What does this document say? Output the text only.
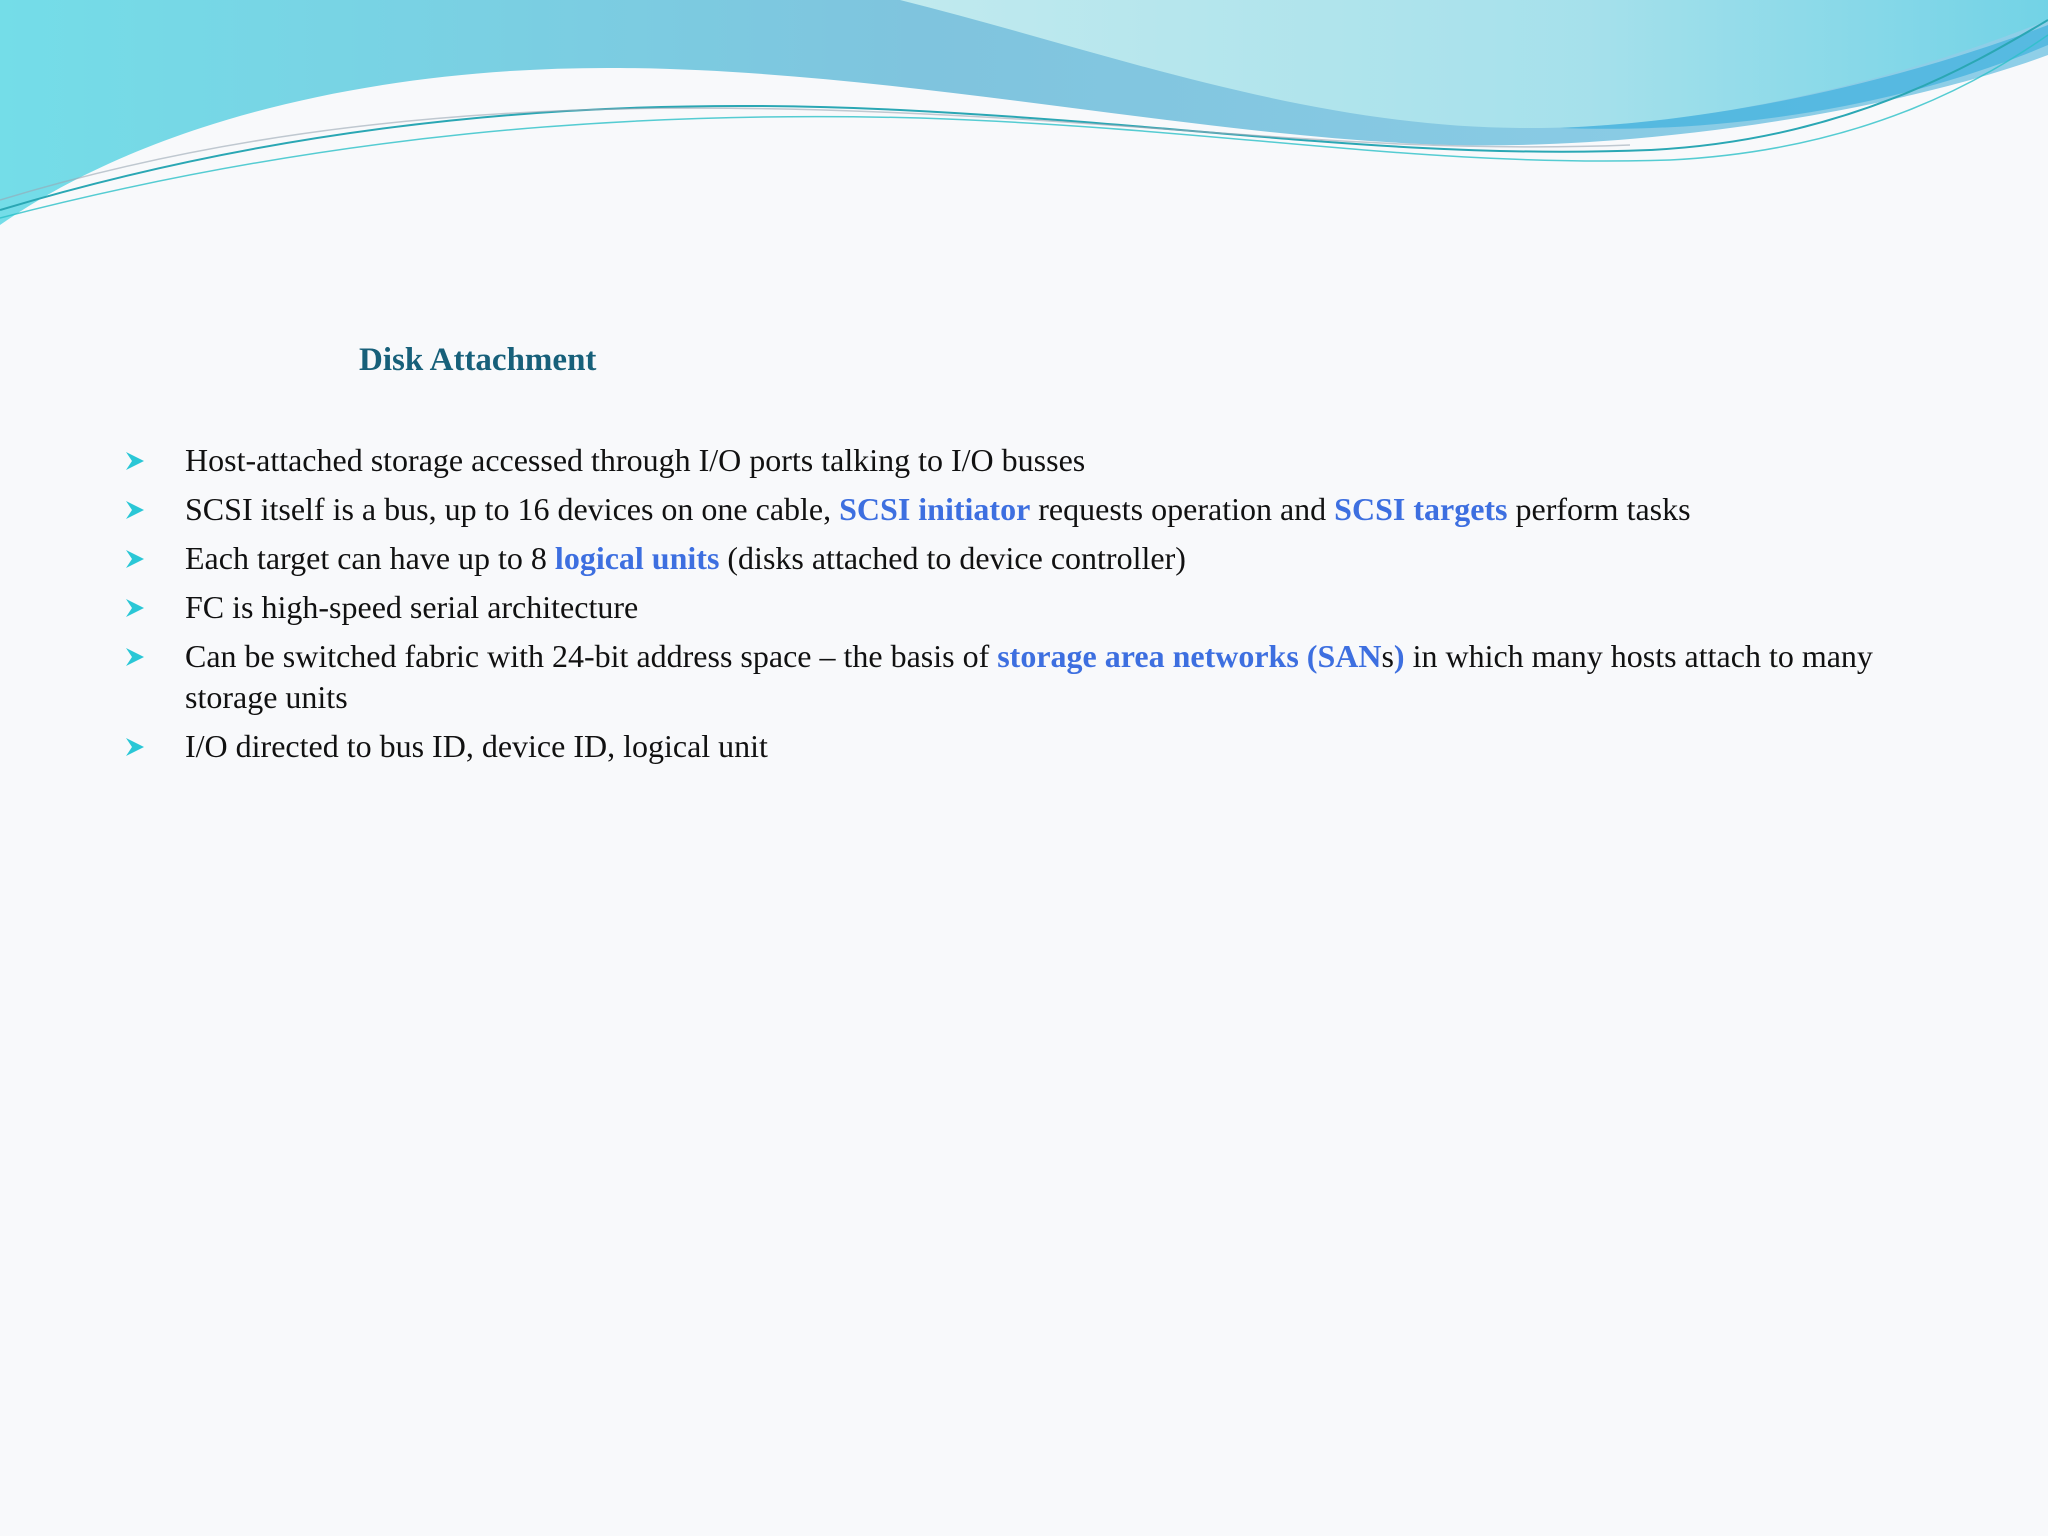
Disk Attachment
Host-attached storage accessed through I/O ports talking to I/O busses
SCSI itself is a bus, up to 16 devices on one cable, SCSI initiator requests operation and SCSI targets perform tasks
Each target can have up to 8 logical units (disks attached to device controller)
FC is high-speed serial architecture
Can be switched fabric with 24-bit address space – the basis of storage area networks (SANs) in which many hosts attach to many storage units
I/O directed to bus ID, device ID, logical unit
